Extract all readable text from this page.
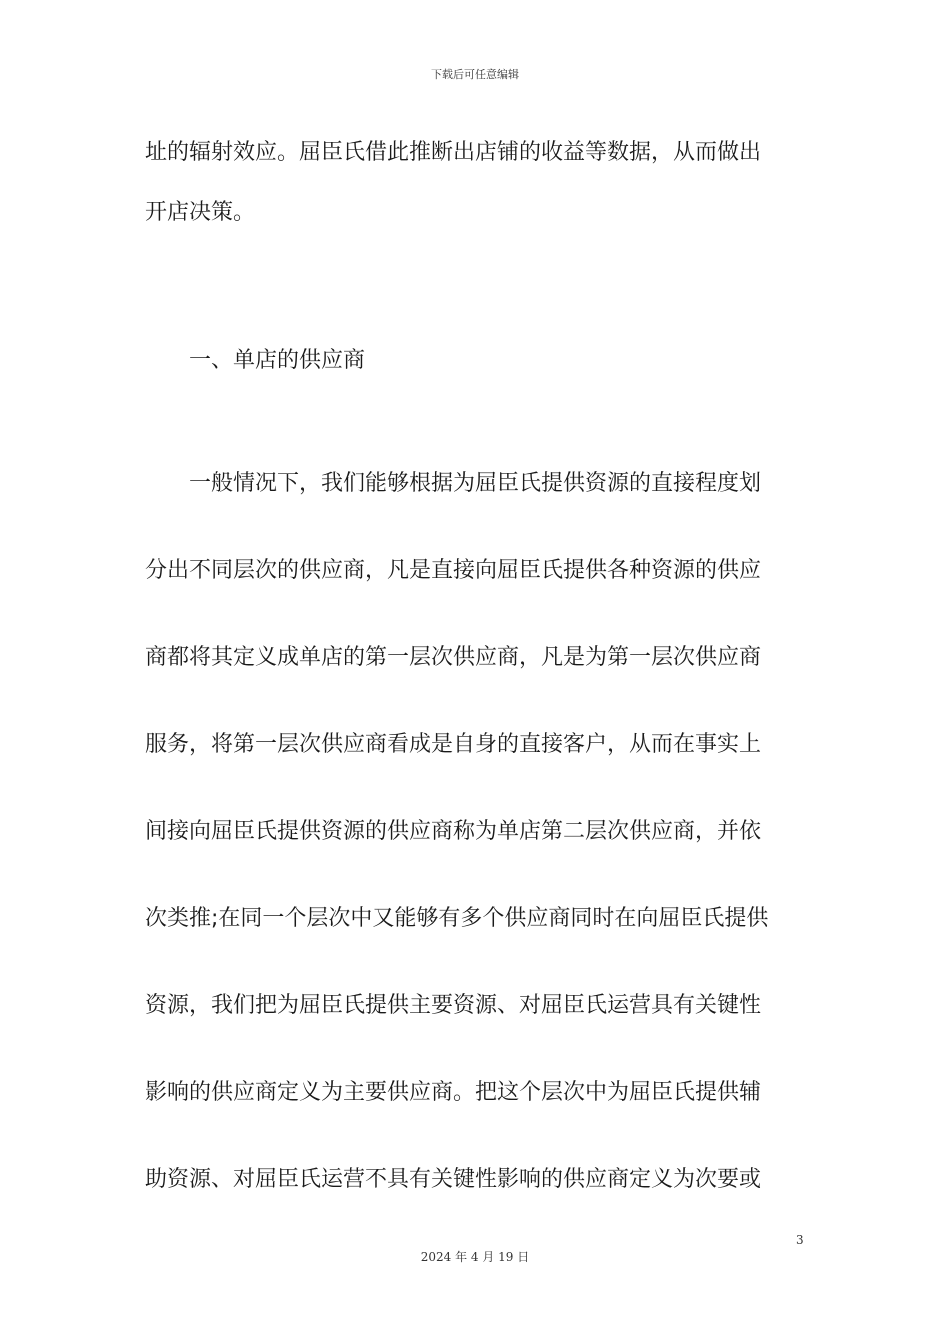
下载后可任意编辑
址的辐射效应。屈臣氏借此推断出店铺的收益等数据，从而做出
开店决策。
　　一、单店的供应商
　　一般情况下，我们能够根据为屈臣氏提供资源的直接程度划
分出不同层次的供应商，凡是直接向屈臣氏提供各种资源的供应
商都将其定义成单店的第一层次供应商，凡是为第一层次供应商
服务，将第一层次供应商看成是自身的直接客户，从而在事实上
间接向屈臣氏提供资源的供应商称为单店第二层次供应商，并依
次类推;在同一个层次中又能够有多个供应商同时在向屈臣氏提供
资源，我们把为屈臣氏提供主要资源、对屈臣氏运营具有关键性
影响的供应商定义为主要供应商。把这个层次中为屈臣氏提供辅
助资源、对屈臣氏运营不具有关键性影响的供应商定义为次要或
3
2024 年 4 月 19 日
